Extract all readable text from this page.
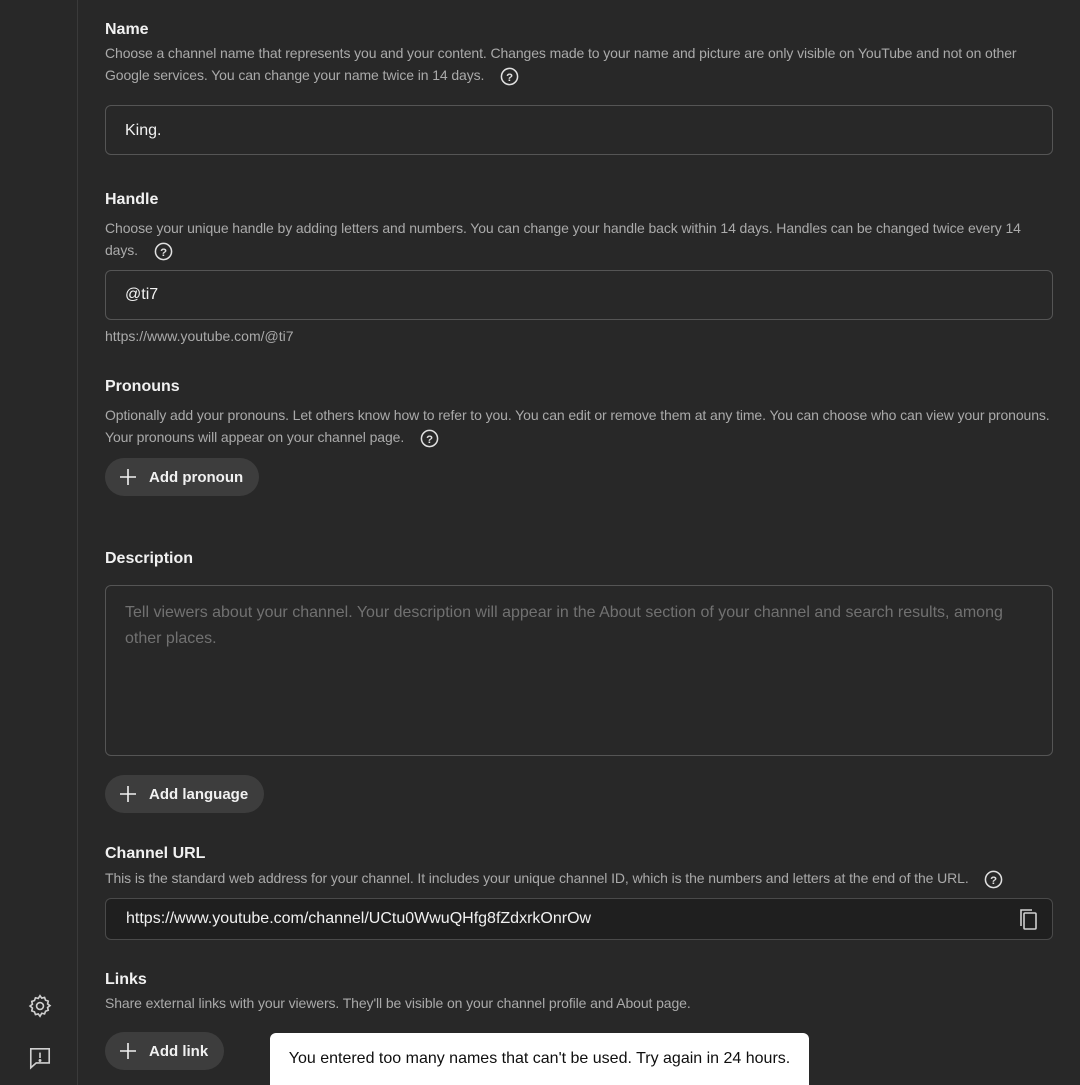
Name
Choose a channel name that represents you and your content. Changes made to your name and picture are only visible on YouTube and not on other Google services. You can change your name twice in 14 days. ?
King.
Handle
Choose your unique handle by adding letters and numbers. You can change your handle back within 14 days. Handles can be changed twice every 14 days. ?
@ti7
https://www.youtube.com/@ti7
Pronouns
Optionally add your pronouns. Let others know how to refer to you. You can edit or remove them at any time. You can choose who can view your pronouns. Your pronouns will appear on your channel page. ?
Add pronoun
Description
Tell viewers about your channel. Your description will appear in the About section of your channel and search results, among other places.
Add language
Channel URL
This is the standard web address for your channel. It includes your unique channel ID, which is the numbers and letters at the end of the URL. ?
https://www.youtube.com/channel/UCtu0WwuQHfg8fZdxrkOnrOw
Links
Share external links with your viewers. They'll be visible on your channel profile and About page.
Add link	You entered too many names that can't be used. Try again in 24 hours.
